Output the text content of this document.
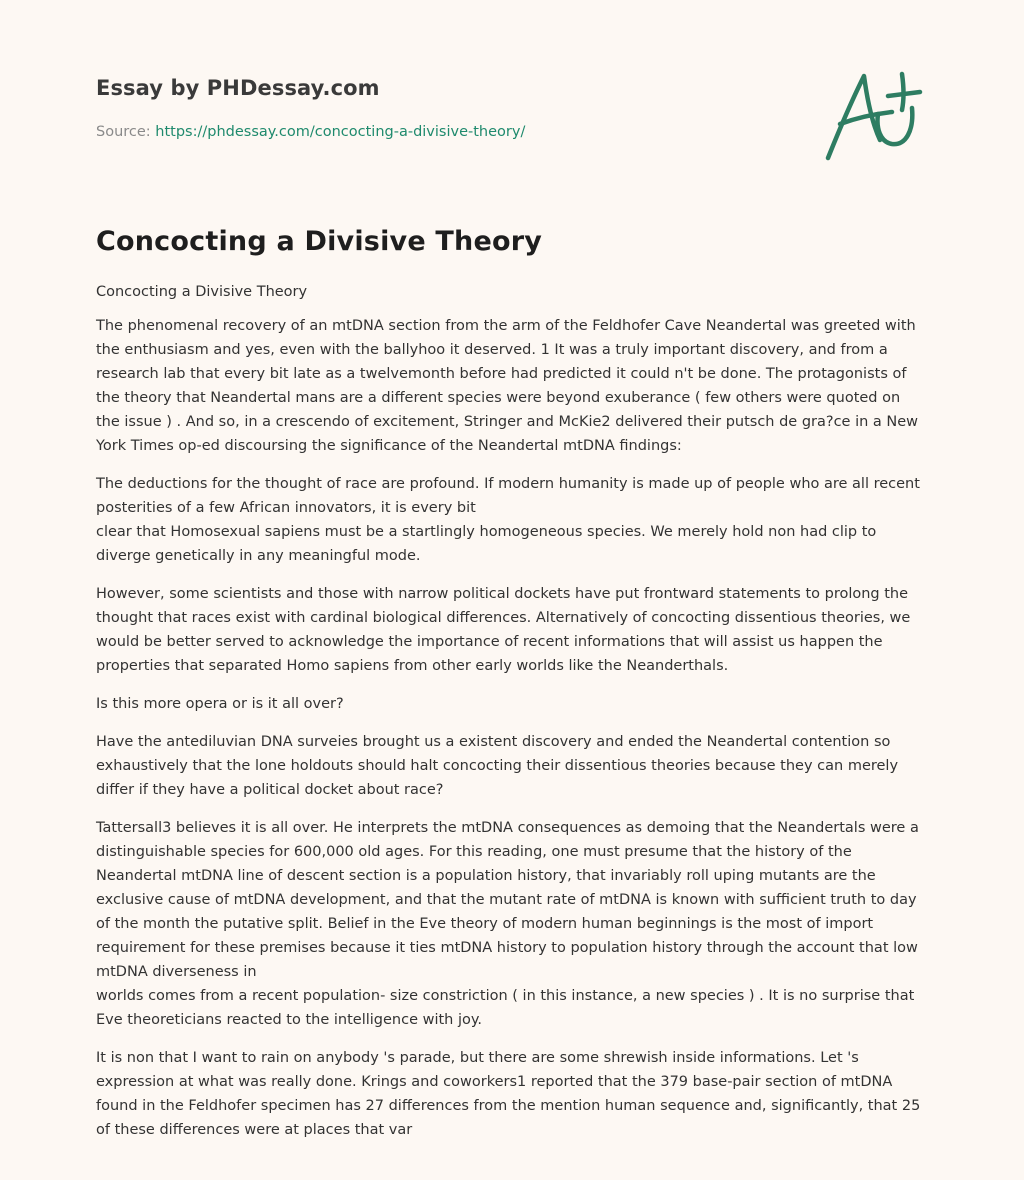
Essay by PHDessay.com
Source: https://phdessay.com/concocting-a-divisive-theory/
Concocting a Divisive Theory
Concocting a Divisive Theory
The phenomenal recovery of an mtDNA section from the arm of the Feldhofer Cave Neandertal was greeted with the enthusiasm and yes, even with the ballyhoo it deserved. 1 It was a truly important discovery, and from a research lab that every bit late as a twelvemonth before had predicted it could n't be done. The protagonists of the theory that Neandertal mans are a different species were beyond exuberance ( few others were quoted on the issue ) . And so, in a crescendo of excitement, Stringer and McKie2 delivered their putsch de gra?ce in a New York Times op-ed discoursing the significance of the Neandertal mtDNA findings:
The deductions for the thought of race are profound. If modern humanity is made up of people who are all recent posterities of a few African innovators, it is every bit
clear that Homosexual sapiens must be a startlingly homogeneous species. We merely hold non had clip to diverge genetically in any meaningful mode.
However, some scientists and those with narrow political dockets have put frontward statements to prolong the thought that races exist with cardinal biological differences. Alternatively of concocting dissentious theories, we would be better served to acknowledge the importance of recent informations that will assist us happen the properties that separated Homo sapiens from other early worlds like the Neanderthals.
Is this more opera or is it all over?
Have the antediluvian DNA surveies brought us a existent discovery and ended the Neandertal contention so exhaustively that the lone holdouts should halt concocting their dissentious theories because they can merely differ if they have a political docket about race?
Tattersall3 believes it is all over. He interprets the mtDNA consequences as demoing that the Neandertals were a distinguishable species for 600,000 old ages. For this reading, one must presume that the history of the Neandertal mtDNA line of descent section is a population history, that invariably roll uping mutants are the exclusive cause of mtDNA development, and that the mutant rate of mtDNA is known with sufficient truth to day of the month the putative split. Belief in the Eve theory of modern human beginnings is the most of import requirement for these premises because it ties mtDNA history to population history through the account that low mtDNA diverseness in
worlds comes from a recent population- size constriction ( in this instance, a new species ) . It is no surprise that Eve theoreticians reacted to the intelligence with joy.
It is non that I want to rain on anybody 's parade, but there are some shrewish inside informations. Let 's expression at what was really done. Krings and coworkers1 reported that the 379 base-pair section of mtDNA found in the Feldhofer specimen has 27 differences from the mention human sequence and, significantly, that 25 of these differences were at places that var
